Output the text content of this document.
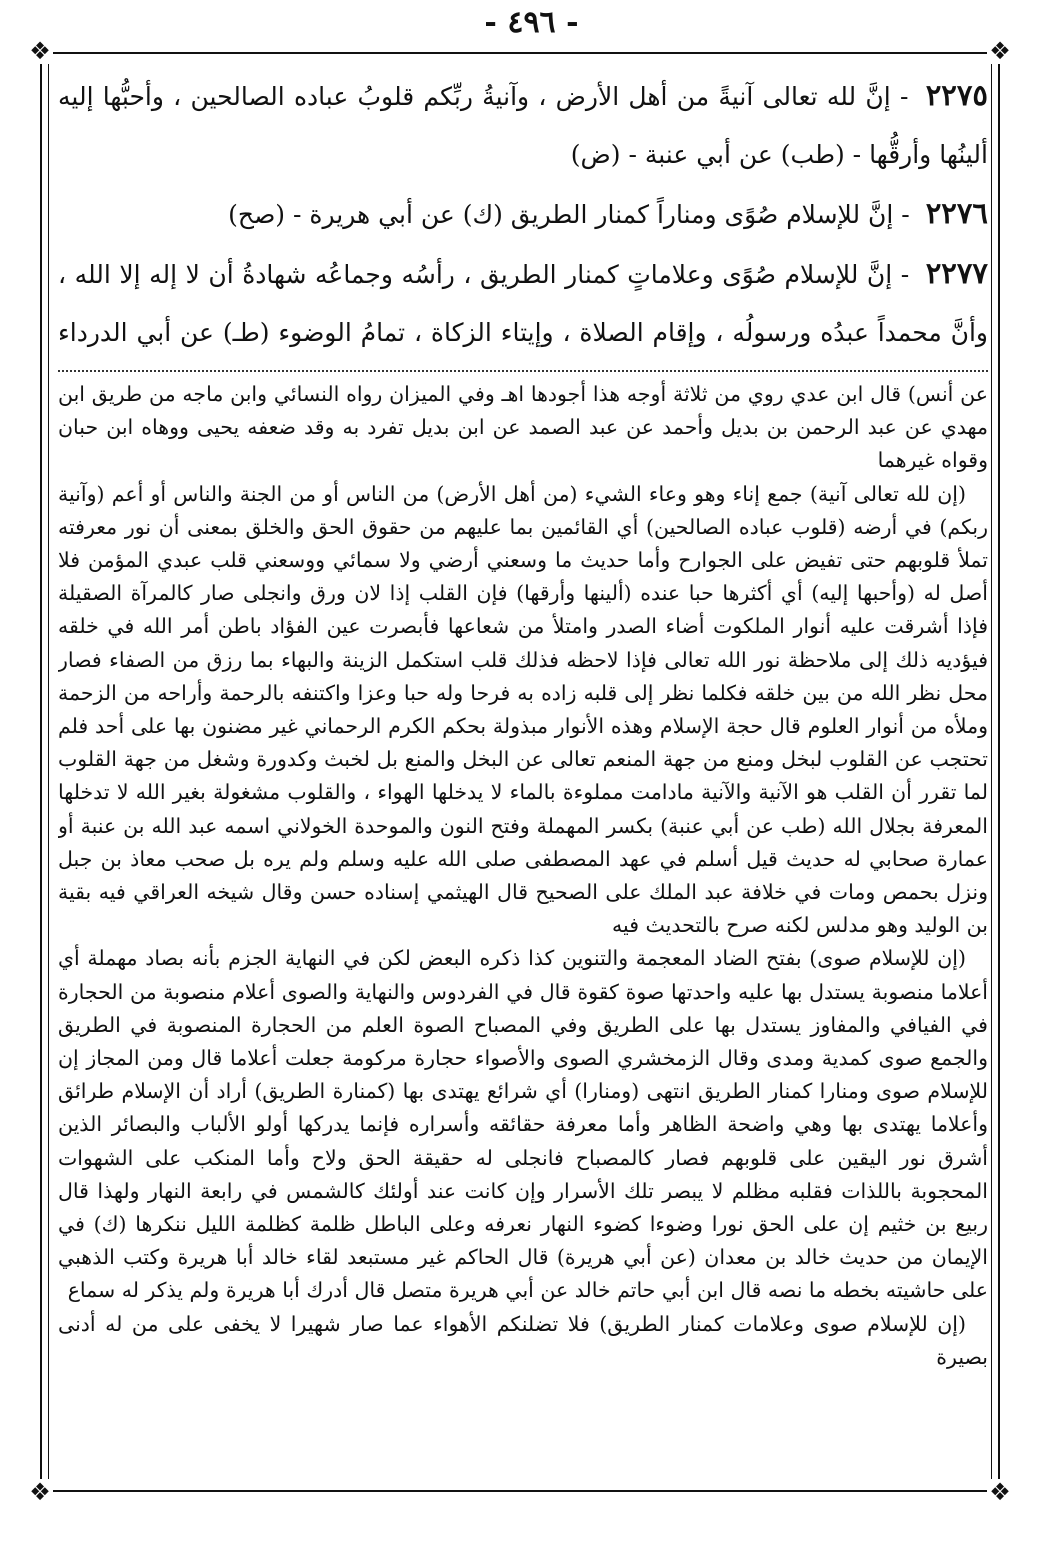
- ٤٩٦ -
❖	❖
❖	❖
٢٢٧٥ - إنَّ لله تعالى آنيةً من أهل الأرض ، وآنيةُ ربِّكم قلوبُ عباده الصالحين ، وأحبُّها إليه ألينُها وأرقُّها - (طب) عن أبي عنبة - (ض)
٢٢٧٦ - إنَّ للإسلام صُوًى ومناراً كمنار الطريق (ك) عن أبي هريرة - (صح)
٢٢٧٧ - إنَّ للإسلام صُوًى وعلاماتٍ كمنار الطريق ، رأسُه وجماعُه شهادةُ أن لا إله إلا الله ، وأنَّ محمداً عبدُه ورسولُه ، وإقام الصلاة ، وإيتاء الزكاة ، تمامُ الوضوء (طـ) عن أبي الدرداء

عن أنس) قال ابن عدي روي من ثلاثة أوجه هذا أجودها اهـ وفي الميزان رواه النسائي وابن ماجه من طريق ابن مهدي عن عبد الرحمن بن بديل وأحمد عن عبد الصمد عن ابن بديل تفرد به وقد ضعفه يحيى ووهاه ابن حبان وقواه غيرهما

(إن لله تعالى آنية) جمع إناء وهو وعاء الشيء (من أهل الأرض) من الناس أو من الجنة والناس أو أعم (وآنية ربكم) في أرضه (قلوب عباده الصالحين) أي القائمين بما عليهم من حقوق الحق والخلق بمعنى أن نور معرفته تملأ قلوبهم حتى تفيض على الجوارح وأما حديث ما وسعني أرضي ولا سمائي ووسعني قلب عبدي المؤمن فلا أصل له (وأحبها إليه) أي أكثرها حبا عنده (ألينها وأرقها) فإن القلب إذا لان ورق وانجلى صار كالمرآة الصقيلة فإذا أشرقت عليه أنوار الملكوت أضاء الصدر وامتلأ من شعاعها فأبصرت عين الفؤاد باطن أمر الله في خلقه فيؤديه ذلك إلى ملاحظة نور الله تعالى فإذا لاحظه فذلك قلب استكمل الزينة والبهاء بما رزق من الصفاء فصار محل نظر الله من بين خلقه فكلما نظر إلى قلبه زاده به فرحا وله حبا وعزا واكتنفه بالرحمة وأراحه من الزحمة وملأه من أنوار العلوم قال حجة الإسلام وهذه الأنوار مبذولة بحكم الكرم الرحماني غير مضنون بها على أحد فلم تحتجب عن القلوب لبخل ومنع من جهة المنعم تعالى عن البخل والمنع بل لخبث وكدورة وشغل من جهة القلوب لما تقرر أن القلب هو الآنية والآنية مادامت مملوءة بالماء لا يدخلها الهواء ، والقلوب مشغولة بغير الله لا تدخلها المعرفة بجلال الله (طب عن أبي عنبة) بكسر المهملة وفتح النون والموحدة الخولاني اسمه عبد الله بن عنبة أو عمارة صحابي له حديث قيل أسلم في عهد المصطفى صلى الله عليه وسلم ولم يره بل صحب معاذ بن جبل ونزل بحمص ومات في خلافة عبد الملك على الصحيح قال الهيثمي إسناده حسن وقال شيخه العراقي فيه بقية بن الوليد وهو مدلس لكنه صرح بالتحديث فيه

(إن للإسلام صوى) بفتح الضاد المعجمة والتنوين كذا ذكره البعض لكن في النهاية الجزم بأنه بصاد مهملة أي أعلاما منصوبة يستدل بها عليه واحدتها صوة كقوة قال في الفردوس والنهاية والصوى أعلام منصوبة من الحجارة في الفيافي والمفاوز يستدل بها على الطريق وفي المصباح الصوة العلم من الحجارة المنصوبة في الطريق والجمع صوى كمدية ومدى وقال الزمخشري الصوى والأصواء حجارة مركومة جعلت أعلاما قال ومن المجاز إن للإسلام صوى ومنارا كمنار الطريق انتهى (ومنارا) أي شرائع يهتدى بها (كمنارة الطريق) أراد أن الإسلام طرائق وأعلاما يهتدى بها وهي واضحة الظاهر وأما معرفة حقائقه وأسراره فإنما يدركها أولو الألباب والبصائر الذين أشرق نور اليقين على قلوبهم فصار كالمصباح فانجلى له حقيقة الحق ولاح وأما المنكب على الشهوات المحجوبة باللذات فقلبه مظلم لا يبصر تلك الأسرار وإن كانت عند أولئك كالشمس في رابعة النهار ولهذا قال ربيع بن خثيم إن على الحق نورا وضوءا كضوء النهار نعرفه وعلى الباطل ظلمة كظلمة الليل ننكرها (ك) في الإيمان من حديث خالد بن معدان (عن أبي هريرة) قال الحاكم غير مستبعد لقاء خالد أبا هريرة وكتب الذهبي على حاشيته بخطه ما نصه قال ابن أبي حاتم خالد عن أبي هريرة متصل قال أدرك أبا هريرة ولم يذكر له سماع

(إن للإسلام صوى وعلامات كمنار الطريق) فلا تضلنكم الأهواء عما صار شهيرا لا يخفى على من له أدنى بصيرة
